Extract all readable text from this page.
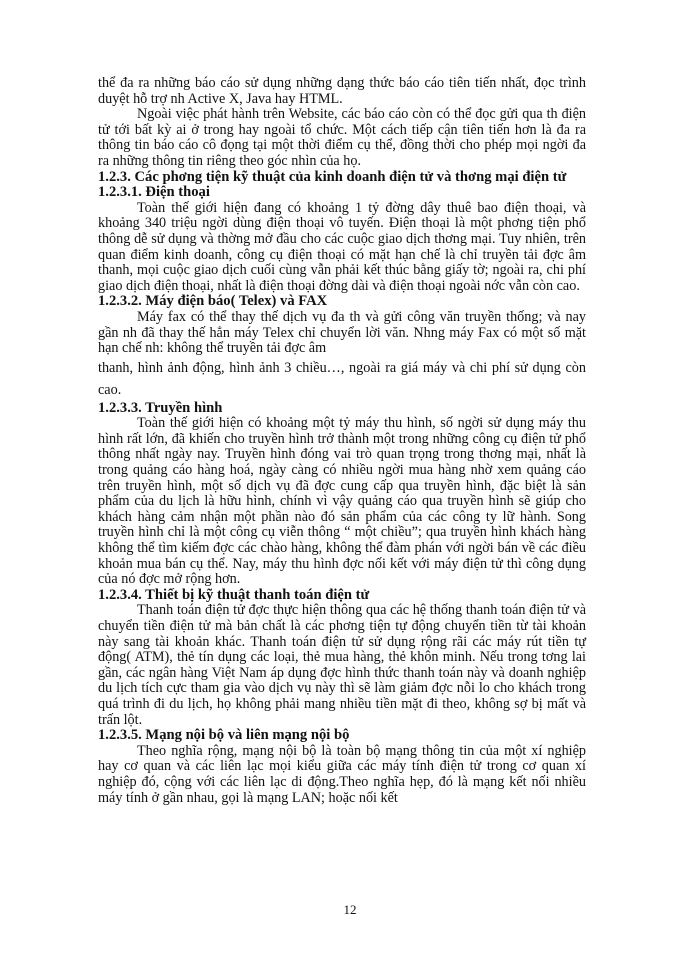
thể đa ra những báo cáo sử dụng những dạng thức báo cáo tiên tiến nhất, đọc trình duyệt hỗ trợ nh Active X, Java hay HTML.

Ngoài việc phát hành trên Website, các báo cáo còn có thể đọc gửi qua th điện tử tới bất kỳ ai ở trong hay ngoài tổ chức. Một cách tiếp cận tiên tiến hơn là đa ra thông tin báo cáo cô đọng tại một thời điểm cụ thể, đồng thời cho phép mọi ngời đa ra những thông tin riêng theo góc nhìn của họ.

1.2.3. Các phơng tiện kỹ thuật của kinh doanh điện tử và thơng mại điện tử

1.2.3.1. Điện thoại

Toàn thế giới hiện đang có khoảng 1 tỷ đờng dây thuê bao điện thoại, và khoảng 340 triệu ngời dùng điện thoại vô tuyến. Điện thoại là một phơng tiện phổ thông dễ sử dụng và thờng mở đầu cho các cuộc giao dịch thơng mại. Tuy nhiên, trên quan điểm kinh doanh, công cụ điện thoại có mặt hạn chế là chỉ truyền tải đợc âm thanh, mọi cuộc giao dịch cuối cùng vẫn phải kết thúc bằng giấy tờ; ngoài ra, chi phí giao dịch điện thoại, nhất là điện thoại đờng dài và điện thoại ngoài nớc vẫn còn cao.

1.2.3.2. Máy điện báo( Telex) và FAX

Máy fax có thể thay thế dịch vụ đa th và gửi công văn truyền thống; và nay gần nh đã thay thế hẳn máy Telex chỉ chuyển lời văn. Nhng máy Fax có một số mặt hạn chế nh: không thể truyền tải đợc âm

thanh, hình ảnh động, hình ảnh 3 chiều…, ngoài ra giá máy và chi phí sử dụng còn cao.

1.2.3.3. Truyền hình

Toàn thế giới hiện có khoảng một tỷ máy thu hình, số ngời sử dụng máy thu hình rất lớn, đã khiến cho truyền hình trở thành một trong những công cụ điện tử phổ thông nhất ngày nay. Truyền hình đóng vai trò quan trọng trong thơng mại, nhất là trong quảng cáo hàng hoá, ngày càng có nhiều ngời mua hàng nhờ xem quảng cáo trên truyền hình, một số dịch vụ đã đợc cung cấp qua truyền hình, đặc biệt là sản phẩm của du lịch là hữu hình, chính vì vậy quảng cáo qua truyền hình sẽ giúp cho khách hàng cảm nhận một phần nào đó sản phẩm của các công ty lữ hành. Song truyền hình chỉ là một công cụ viễn thông “ một chiều”; qua truyền hình khách hàng không thể tìm kiếm đợc các chào hàng, không thể đàm phán với ngời bán về các điều khoản mua bán cụ thể. Nay, máy thu hình đợc nối kết với máy điện tử thì công dụng của nó đợc mở rộng hơn.

1.2.3.4. Thiết bị kỹ thuật thanh toán điện tử

Thanh toán điện tử đợc thực hiện thông qua các hệ thống thanh toán điện tử và chuyển tiền điện tử mà bản chất là các phơng tiện tự động chuyển tiền từ tài khoản này sang tài khoản khác. Thanh toán điện tử sử dụng rộng rãi các máy rút tiền tự động( ATM), thẻ tín dụng các loại, thẻ mua hàng, thẻ khôn minh. Nếu trong tơng lai gần, các ngân hàng Việt Nam áp dụng đợc hình thức thanh toán này và doanh nghiệp du lịch tích cực tham gia vào dịch vụ này thì sẽ làm giảm đợc nỗi lo cho khách trong quá trình đi du lịch, họ không phải mang nhiều tiền mặt đi theo, không sợ bị mất và trấn lột.

1.2.3.5. Mạng nội bộ và liên mạng nội bộ

Theo nghĩa rộng, mạng nội bộ là toàn bộ mạng thông tin của một xí nghiệp hay cơ quan và các liên lạc mọi kiểu giữa các máy tính điện tử trong cơ quan xí nghiệp đó, cộng với các liên lạc di động.Theo nghĩa hẹp, đó là mạng kết nối nhiều máy tính ở gần nhau, gọi là mạng LAN; hoặc nối kết

12
